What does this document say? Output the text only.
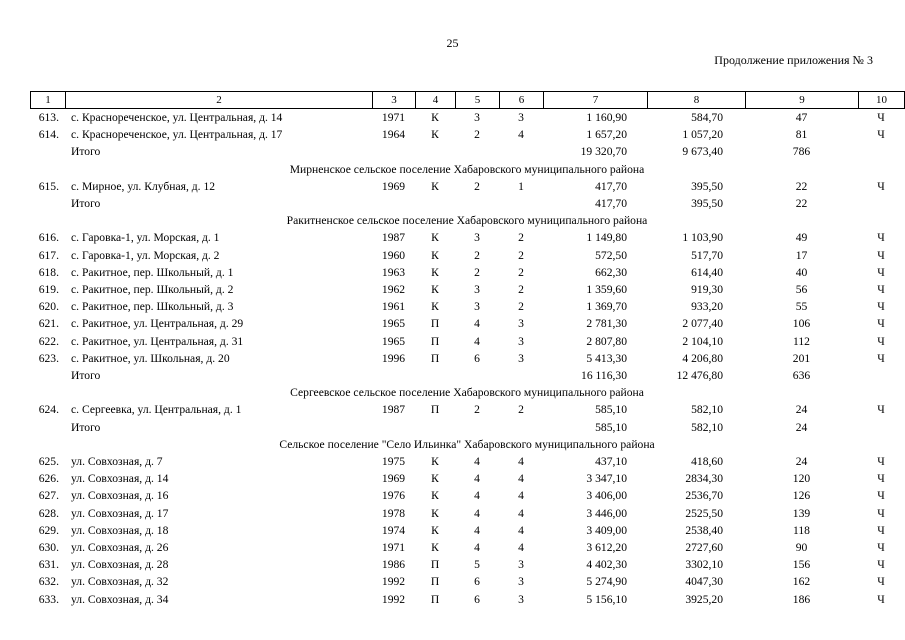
25
Продолжение приложения № 3
1	2	3	4	5	6	7	8	9	10
613.	с. Краснореченское, ул. Центральная, д. 14	1971	К	3	3	1 160,90	584,70	47	Ч
614.	с. Краснореченское, ул. Центральная, д. 17	1964	К	2	4	1 657,20	1 057,20	81	Ч
	Итого					19 320,70	9 673,40	786	
Мирненское сельское поселение Хабаровского муниципального района									
615.	с. Мирное, ул. Клубная, д. 12	1969	К	2	1	417,70	395,50	22	Ч
	Итого					417,70	395,50	22	
Ракитненское сельское поселение Хабаровского муниципального района									
616.	с. Гаровка-1, ул. Морская, д. 1	1987	К	3	2	1 149,80	1 103,90	49	Ч
617.	с. Гаровка-1, ул. Морская, д. 2	1960	К	2	2	572,50	517,70	17	Ч
618.	с. Ракитное, пер. Школьный, д. 1	1963	К	2	2	662,30	614,40	40	Ч
619.	с. Ракитное, пер. Школьный, д. 2	1962	К	3	2	1 359,60	919,30	56	Ч
620.	с. Ракитное, пер. Школьный, д. 3	1961	К	3	2	1 369,70	933,20	55	Ч
621.	с. Ракитное, ул. Центральная, д. 29	1965	П	4	3	2 781,30	2 077,40	106	Ч
622.	с. Ракитное, ул. Центральная, д. 31	1965	П	4	3	2 807,80	2 104,10	112	Ч
623.	с. Ракитное, ул. Школьная, д. 20	1996	П	6	3	5 413,30	4 206,80	201	Ч
	Итого					16 116,30	12 476,80	636	
Сергеевское сельское поселение Хабаровского муниципального района									
624.	с. Сергеевка, ул. Центральная, д. 1	1987	П	2	2	585,10	582,10	24	Ч
	Итого					585,10	582,10	24	
Сельское поселение "Село Ильинка" Хабаровского муниципального района									
625.	ул. Совхозная, д. 7	1975	К	4	4	437,10	418,60	24	Ч
626.	ул. Совхозная, д. 14	1969	К	4	4	3 347,10	2834,30	120	Ч
627.	ул. Совхозная, д. 16	1976	К	4	4	3 406,00	2536,70	126	Ч
628.	ул. Совхозная, д. 17	1978	К	4	4	3 446,00	2525,50	139	Ч
629.	ул. Совхозная, д. 18	1974	К	4	4	3 409,00	2538,40	118	Ч
630.	ул. Совхозная, д. 26	1971	К	4	4	3 612,20	2727,60	90	Ч
631.	ул. Совхозная, д. 28	1986	П	5	3	4 402,30	3302,10	156	Ч
632.	ул. Совхозная, д. 32	1992	П	6	3	5 274,90	4047,30	162	Ч
633.	ул. Совхозная, д. 34	1992	П	6	3	5 156,10	3925,20	186	Ч
